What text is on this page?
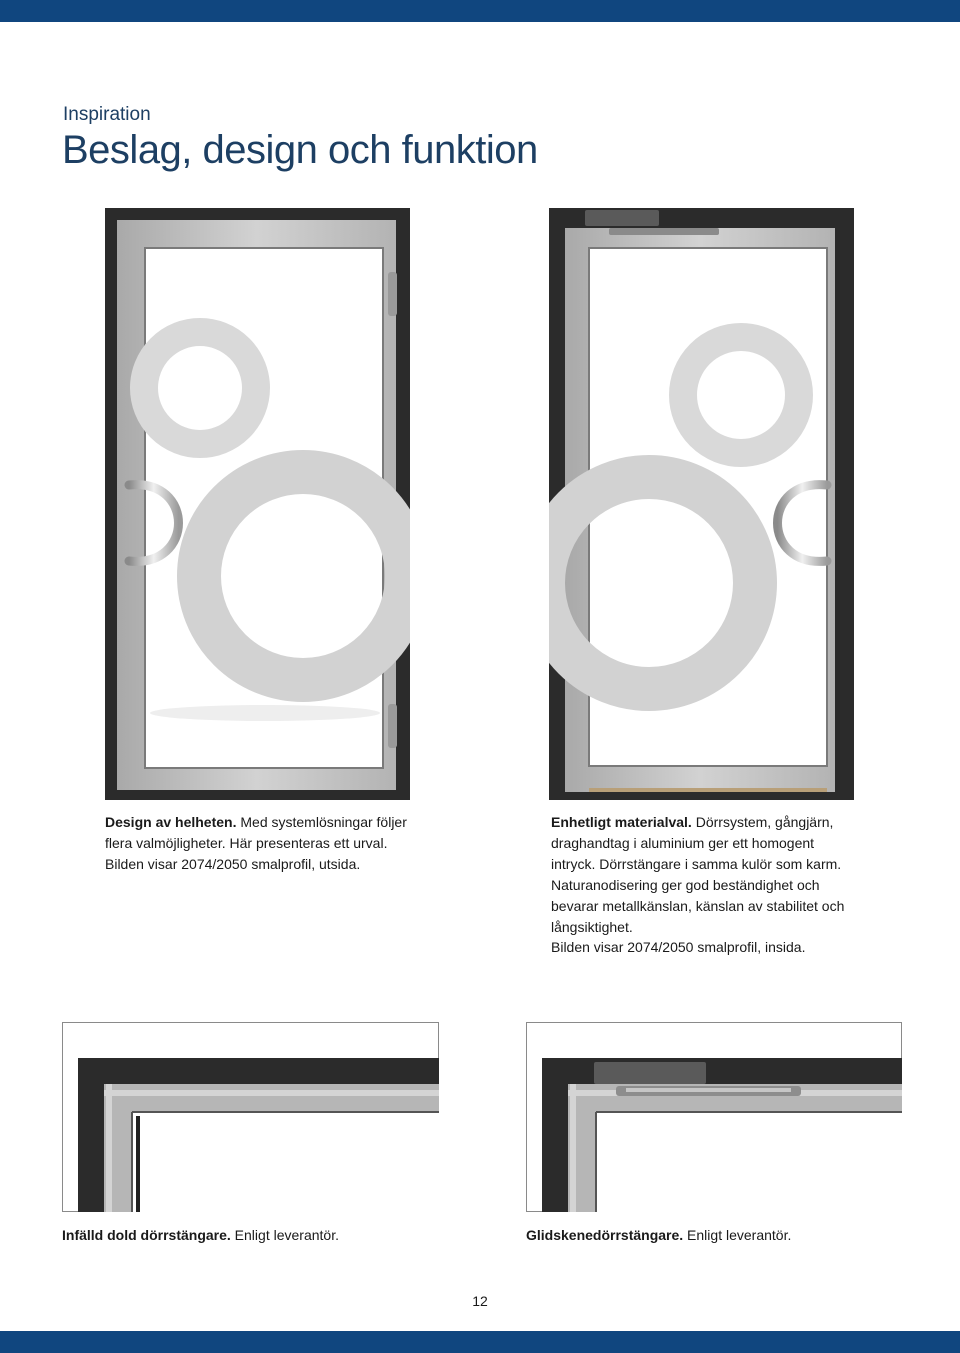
Inspiration
Beslag, design och funktion
Design av helheten. Med systemlösningar följer
flera valmöjligheter. Här presenteras ett urval.
Bilden visar 2074/2050 smalprofil, utsida.
Enhetligt materialval. Dörrsystem, gångjärn,
draghandtag i aluminium ger ett homogent
intryck. Dörrstängare i samma kulör som karm.
Naturanodisering ger god beständighet och
bevarar metallkänslan, känslan av stabilitet och
långsiktighet.
Bilden visar 2074/2050 smalprofil, insida.
Infälld dold dörrstängare. Enligt leverantör.	Glidskenedörrstängare. Enligt leverantör.
12
